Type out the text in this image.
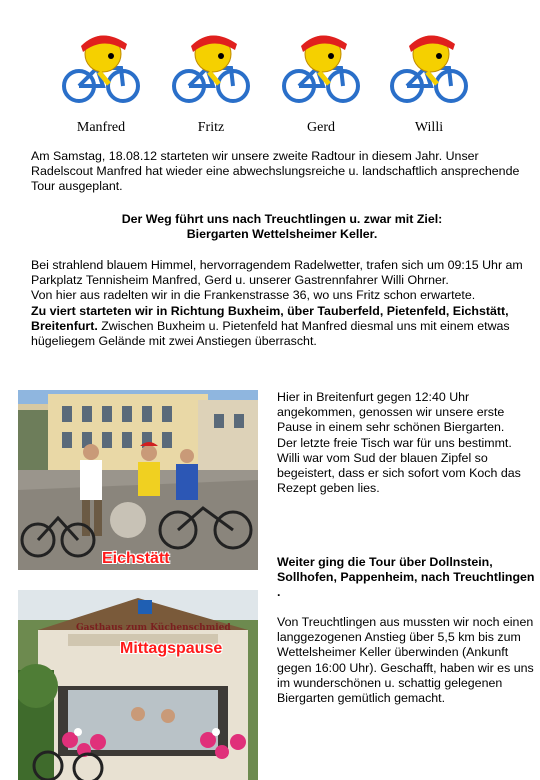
Manfred	Fritz	Gerd	Willi
Am Samstag, 18.08.12 starteten wir unsere zweite Radtour in diesem Jahr. Unser Radelscout Manfred hat wieder eine abwechslungsreiche u. landschaftlich ansprechende Tour ausgeplant.
Der Weg führt uns nach Treuchtlingen u. zwar mit Ziel:
Biergarten Wettelsheimer Keller.
Bei strahlend blauem Himmel, hervorragendem Radelwetter, trafen sich um 09:15 Uhr am Parkplatz Tennisheim Manfred, Gerd u. unserer Gastrennfahrer Willi Ohrner.
Von hier aus radelten wir in die Frankenstrasse 36, wo uns Fritz schon erwartete.
Zu viert starteten wir in Richtung Buxheim, über Tauberfeld, Pietenfeld, Eichstätt, Breitenfurt. Zwischen Buxheim u. Pietenfeld hat Manfred diesmal uns mit einem etwas hügeliegem Gelände mit zwei Anstiegen überrascht.
Eichstätt
Hier in Breitenfurt gegen 12:40 Uhr angekommen, genossen wir unsere erste Pause in einem sehr schönen Biergarten.
Der letzte freie Tisch war für uns bestimmt.
Willi war vom Sud der blauen Zipfel so begeistert, dass er sich sofort vom Koch das Rezept geben lies.
Weiter ging die Tour über Dollnstein, Sollhofen, Pappenheim, nach Treuchtlingen .
Gasthaus zum Küchenschmied
Mittagspause
Von Treuchtlingen aus mussten wir noch einen langgezogenen Anstieg über 5,5 km bis zum Wettelsheimer Keller überwinden (Ankunft gegen 16:00 Uhr). Geschafft, haben wir es uns im wunderschönen u. schattig gelegenen Biergarten gemütlich gemacht.
